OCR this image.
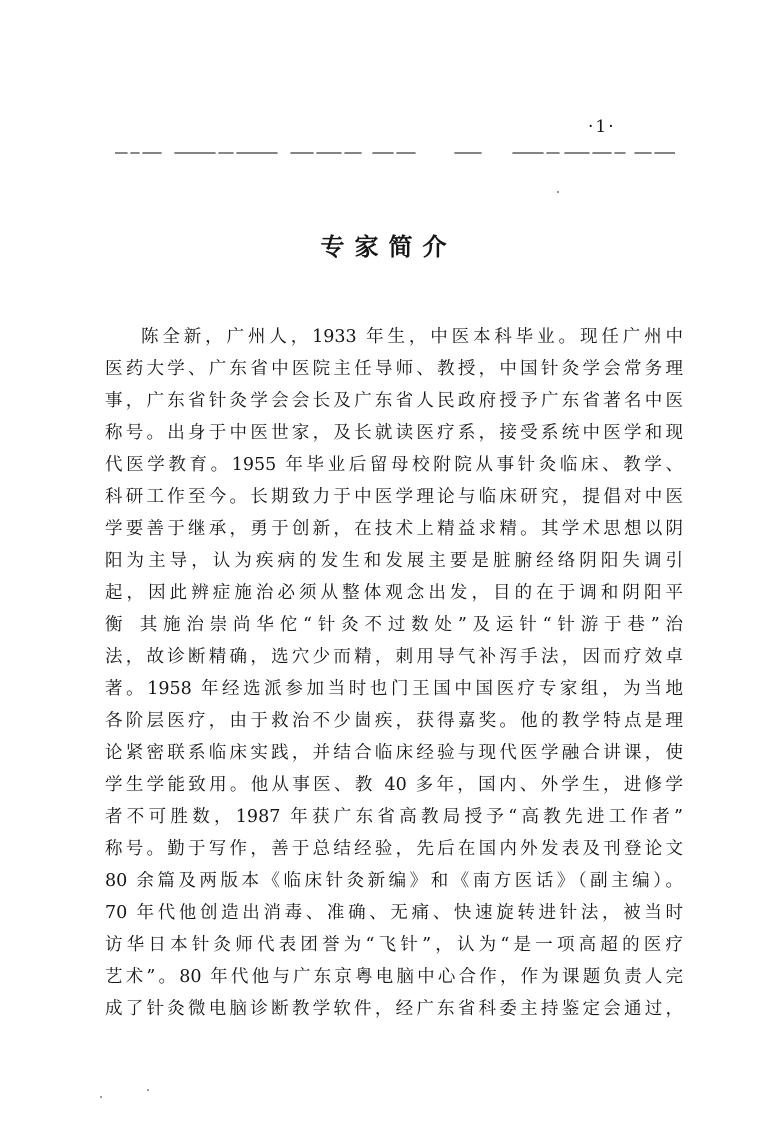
·1·
专家简介
陈全新，广州人，1933 年生，中医本科毕业。现任广州中
医药大学、广东省中医院主任导师、教授，中国针灸学会常务理
事，广东省针灸学会会长及广东省人民政府授予广东省著名中医
称号。出身于中医世家，及长就读医疗系，接受系统中医学和现
代医学教育。1955 年毕业后留母校附院从事针灸临床、教学、
科研工作至今。长期致力于中医学理论与临床研究，提倡对中医
学要善于继承，勇于创新，在技术上精益求精。其学术思想以阴
阳为主导，认为疾病的发生和发展主要是脏腑经络阴阳失调引
起，因此辨症施治必须从整体观念出发，目的在于调和阴阳平
衡 其施治崇尚华佗“针灸不过数处”及运针“针游于巷”治
法，故诊断精确，选穴少而精，刺用导气补泻手法，因而疗效卓
著。1958 年经选派参加当时也门王国中国医疗专家组，为当地
各阶层医疗，由于救治不少崮疾，获得嘉奖。他的教学特点是理
论紧密联系临床实践，并结合临床经验与现代医学融合讲课，使
学生学能致用。他从事医、教 40 多年，国内、外学生，进修学
者不可胜数，1987 年获广东省高教局授予“高教先进工作者”
称号。勤于写作，善于总结经验，先后在国内外发表及刊登论文
80 余篇及两版本《临床针灸新编》和《南方医话》（副主编）。
70 年代他创造出消毒、准确、无痛、快速旋转进针法，被当时
访华日本针灸师代表团誉为“飞针”，认为“是一项高超的医疗
艺术”。80 年代他与广东京粤电脑中心合作，作为课题负责人完
成了针灸微电脑诊断教学软件，经广东省科委主持鉴定会通过，
